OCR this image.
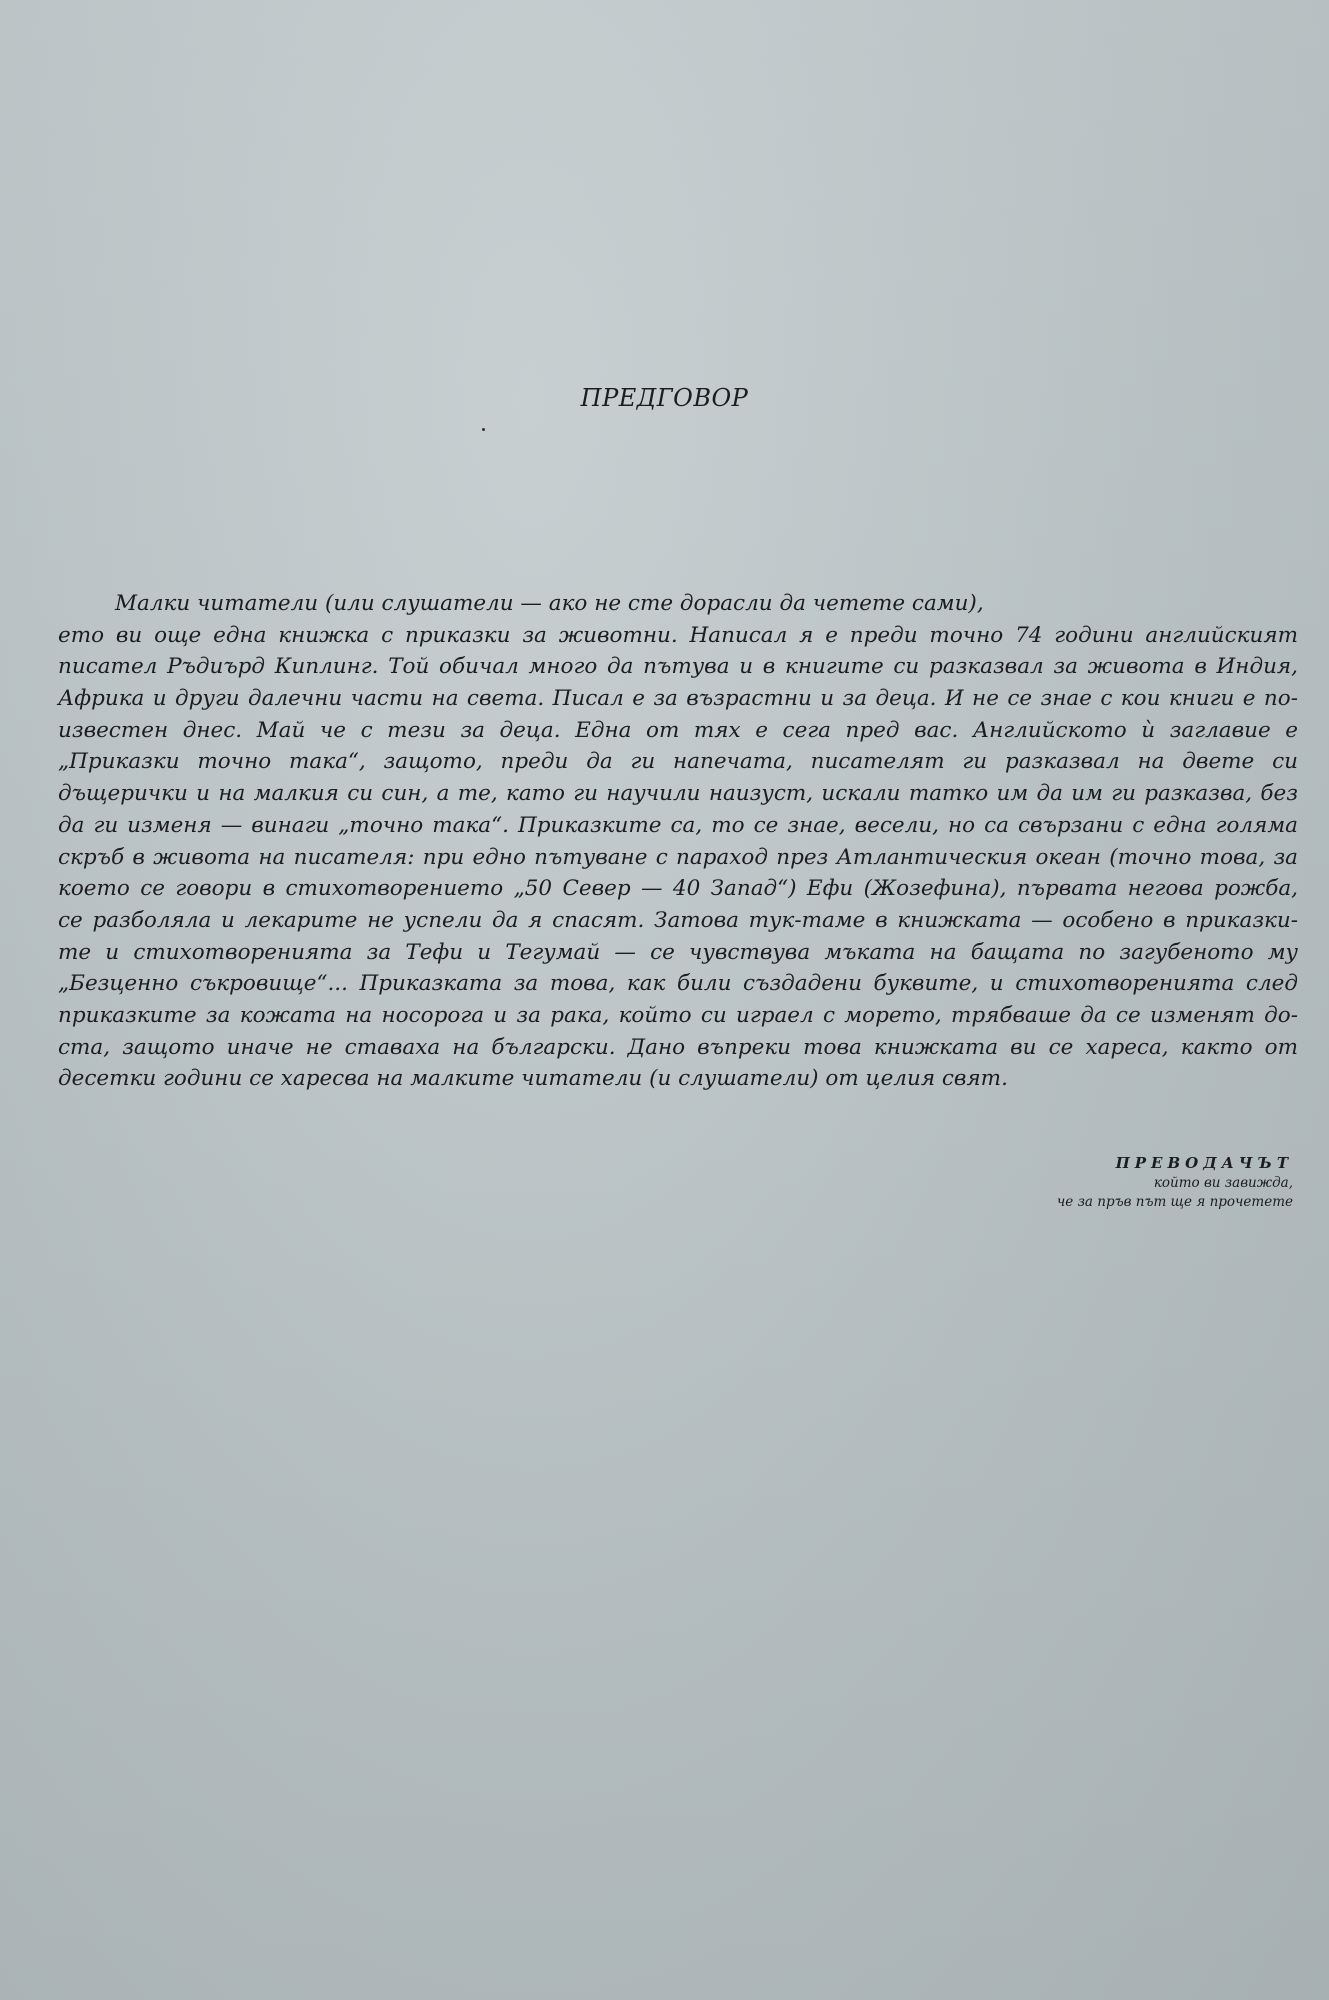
ПРЕДГОВОР
Малки читатели (или слушатели — ако не сте дорасли да четете сами),
ето ви още една книжка с приказки за животни. Написал я е преди точно 74 години английският
писател Ръдиърд Киплинг. Той обичал много да пътува и в книгите си разказвал за живота в Индия,
Африка и други далечни части на света. Писал е за възрастни и за деца. И не се знае с кои книги е по-
известен днес. Май че с тези за деца. Една от тях е сега пред вас. Английското ѝ заглавие е
„Приказки точно така“, защото, преди да ги напечата, писателят ги разказвал на двете си
дъщерички и на малкия си син, а те, като ги научили наизуст, искали татко им да им ги разказва, без
да ги изменя — винаги „точно така“. Приказките са, то се знае, весели, но са свързани с една голяма
скръб в живота на писателя: при едно пътуване с параход през Атлантическия океан (точно това, за
което се говори в стихотворението „50 Север — 40 Запад“) Ефи (Жозефина), първата негова рожба,
се разболяла и лекарите не успели да я спасят. Затова тук-таме в книжката — особено в приказки-
те и стихотворенията за Тефи и Тегумай — се чувствува мъката на бащата по загубеното му
„Безценно съкровище“... Приказката за това, как били създадени буквите, и стихотворенията след
приказките за кожата на носорога и за рака, който си играел с морето, трябваше да се изменят до-
ста, защото иначе не ставаха на български. Дано въпреки това книжката ви се хареса, както от
десетки години се харесва на малките читатели (и слушатели) от целия свят.
ПРЕВОДАЧЪТ
който ви завижда,
че за пръв път ще я прочетете
